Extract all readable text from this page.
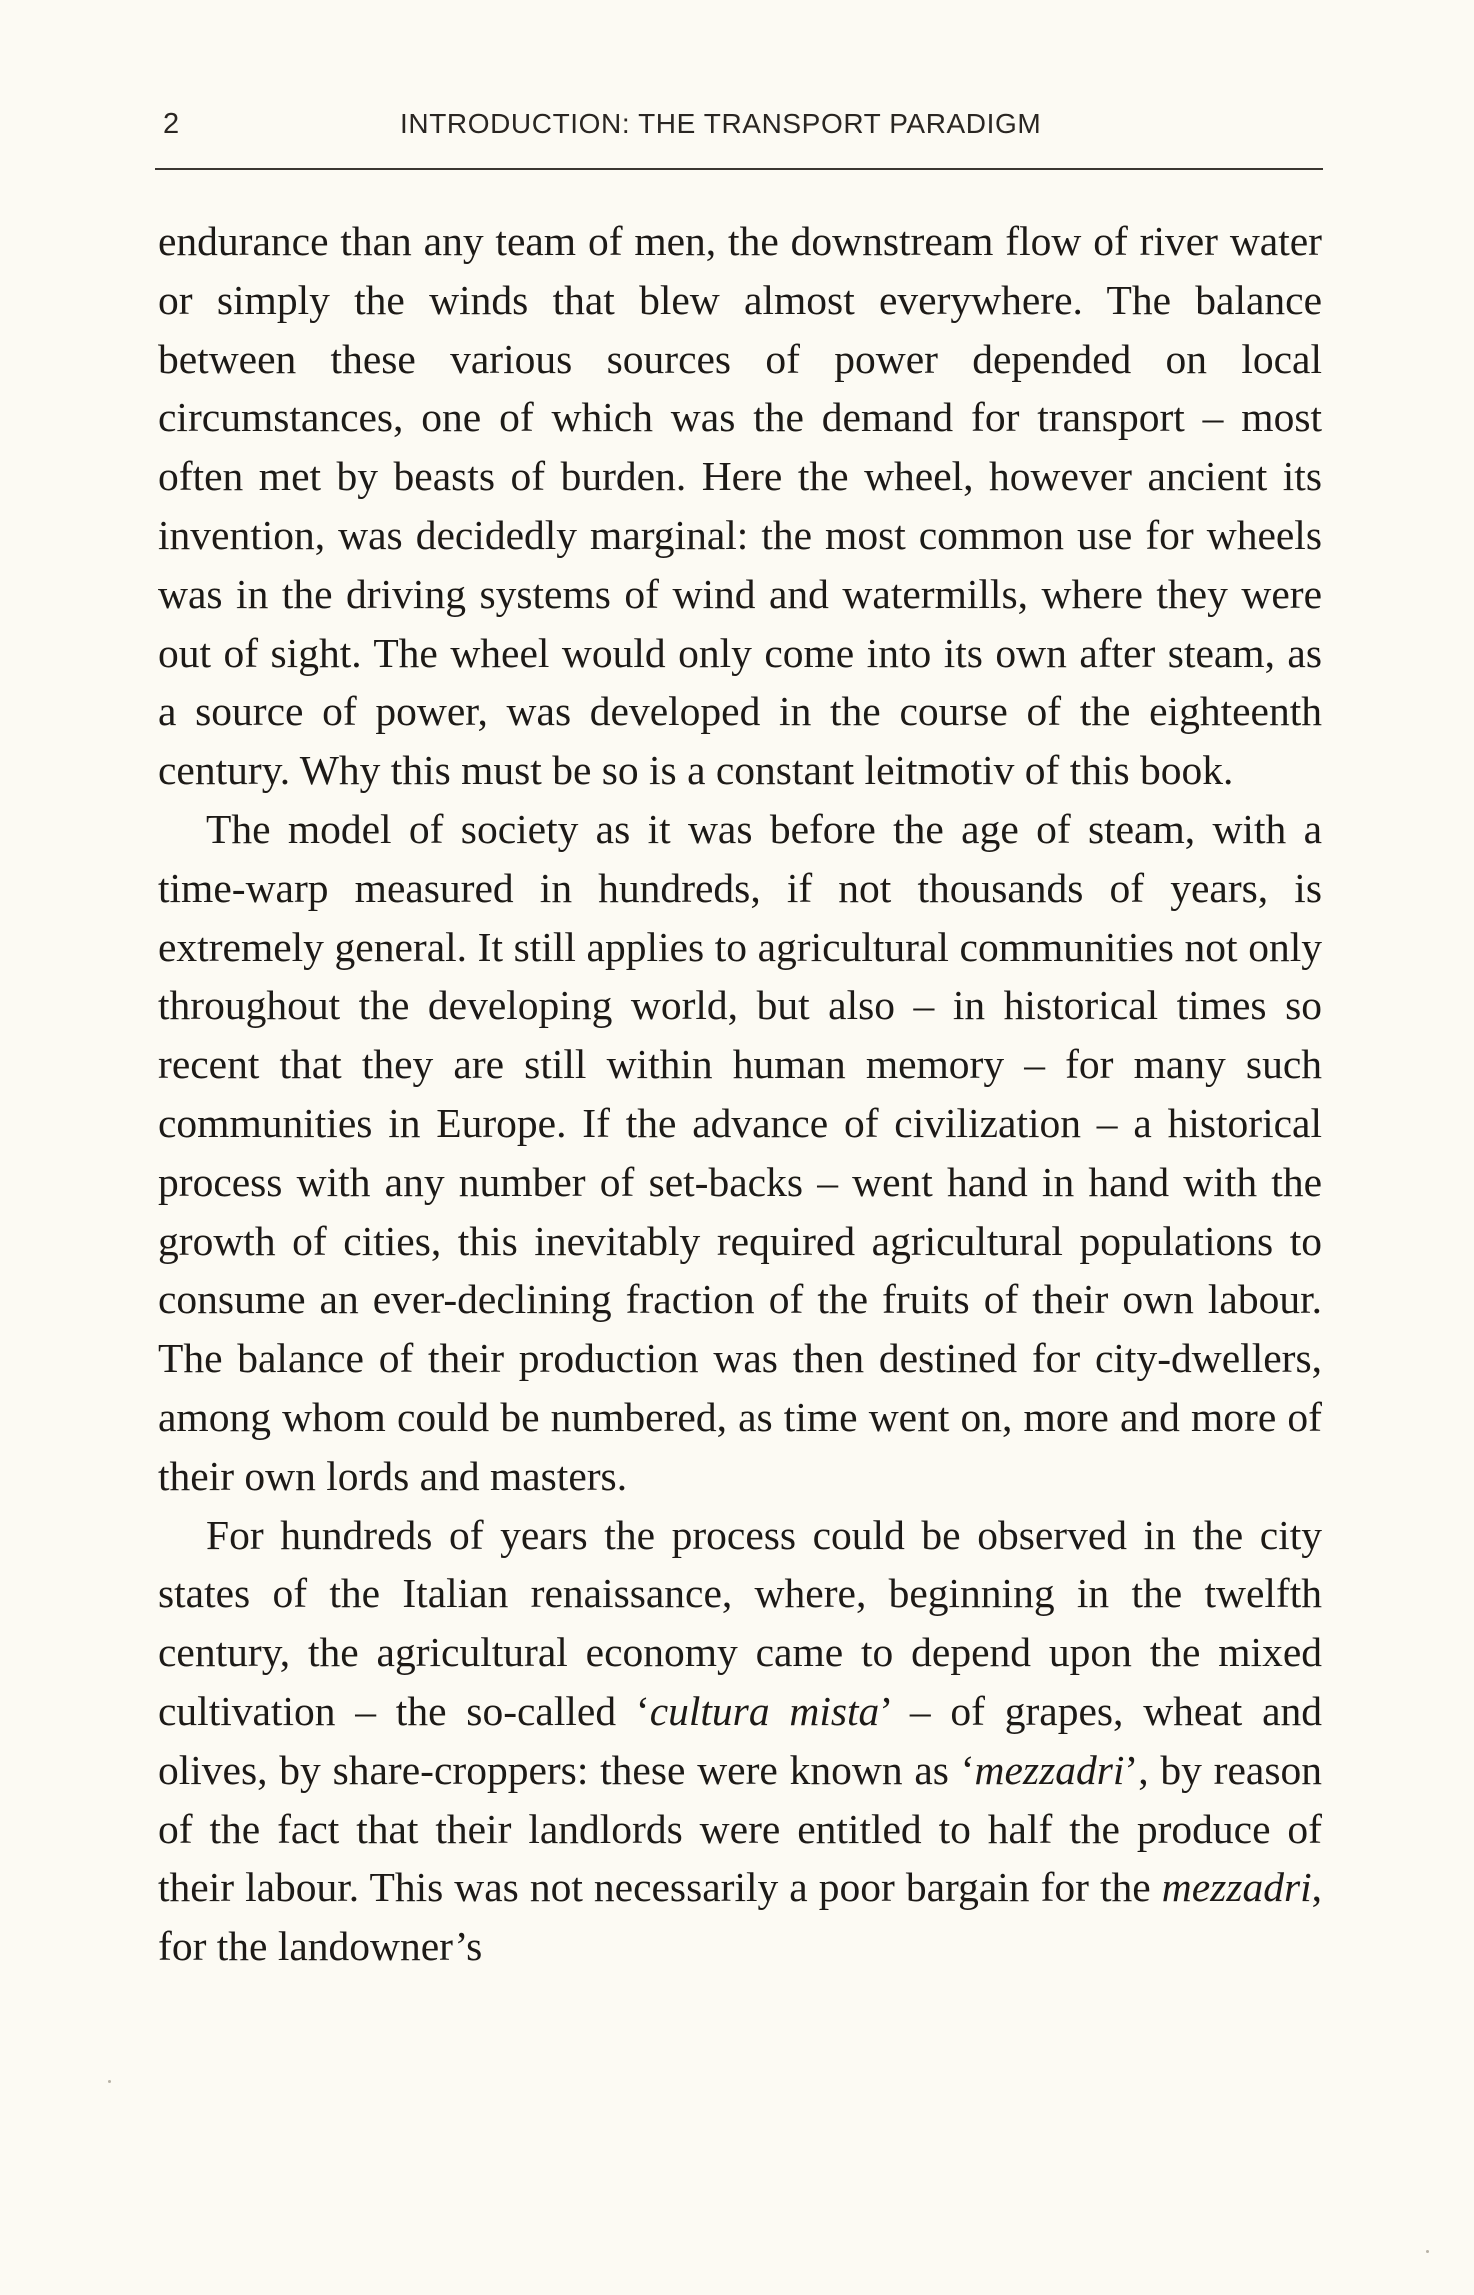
2	INTRODUCTION: THE TRANSPORT PARADIGM

endurance than any team of men, the downstream flow of river water or simply the winds that blew almost everywhere. The balance between these various sources of power depended on local circumstances, one of which was the demand for transport – most often met by beasts of burden. Here the wheel, however ancient its invention, was decidedly marginal: the most common use for wheels was in the driving systems of wind and watermills, where they were out of sight. The wheel would only come into its own after steam, as a source of power, was developed in the course of the eighteenth century. Why this must be so is a constant leitmotiv of this book.

The model of society as it was before the age of steam, with a time-warp measured in hundreds, if not thousands of years, is extremely general. It still applies to agricultural communities not only throughout the developing world, but also – in historical times so recent that they are still within human memory – for many such communities in Europe. If the advance of civilization – a historical process with any number of set-backs – went hand in hand with the growth of cities, this inevitably required agricultural populations to consume an ever-declining fraction of the fruits of their own labour. The balance of their production was then destined for city-dwellers, among whom could be numbered, as time went on, more and more of their own lords and masters.

For hundreds of years the process could be observed in the city states of the Italian renaissance, where, beginning in the twelfth century, the agricultural economy came to depend upon the mixed cultivation – the so-called ‘cultura mista’ – of grapes, wheat and olives, by share-croppers: these were known as ‘mezzadri’, by reason of the fact that their landlords were entitled to half the produce of their labour. This was not necessarily a poor bargain for the mezzadri, for the landowner’s
